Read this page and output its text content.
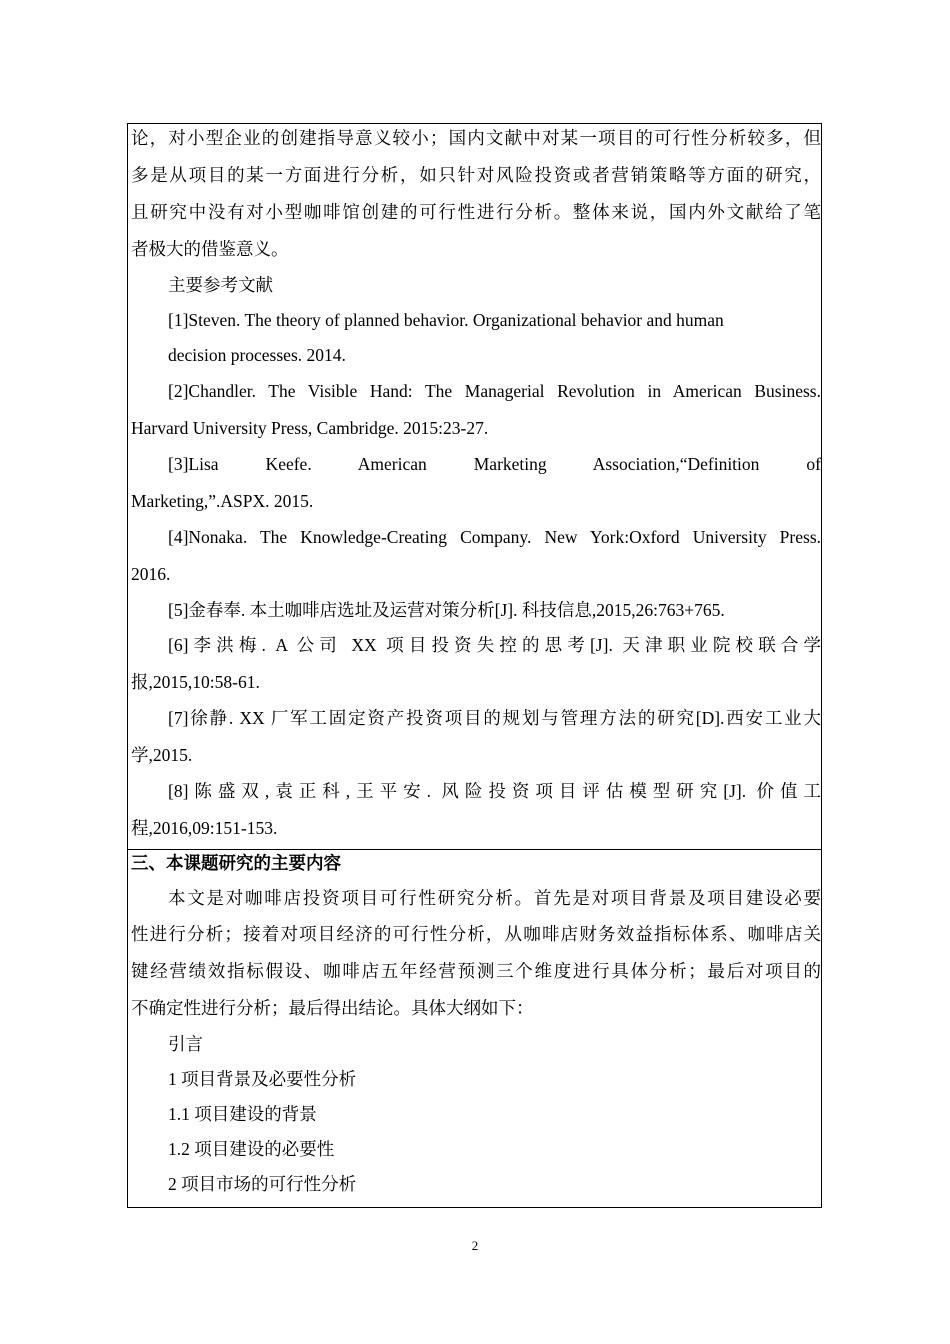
论，对小型企业的创建指导意义较小；国内文献中对某一项目的可行性分析较多，但
多是从项目的某一方面进行分析，如只针对风险投资或者营销策略等方面的研究，
且研究中没有对小型咖啡馆创建的可行性进行分析。整体来说，国内外文献给了笔
者极大的借鉴意义。
主要参考文献
[1]Steven. The theory of planned behavior. Organizational behavior and human
decision processes. 2014.
[2]Chandler. The Visible Hand: The Managerial Revolution in American Business.
Harvard University Press, Cambridge. 2015:23-27.
[3]Lisa Keefe. American Marketing Association,“Definition of
Marketing,”.ASPX. 2015.
[4]Nonaka. The Knowledge-Creating Company. New York:Oxford University Press.
2016.
[5]金春奉. 本土咖啡店选址及运营对策分析[J]. 科技信息,2015,26:763+765.
[6]李洪梅. A 公司 XX 项目投资失控的思考[J]. 天津职业院校联合学
报,2015,10:58-61.
[7]徐静. XX 厂军工固定资产投资项目的规划与管理方法的研究[D].西安工业大
学,2015.
[8]陈盛双,袁正科,王平安. 风险投资项目评估模型研究[J]. 价值工
程,2016,09:151-153.
三、本课题研究的主要内容
本文是对咖啡店投资项目可行性研究分析。首先是对项目背景及项目建设必要
性进行分析；接着对项目经济的可行性分析，从咖啡店财务效益指标体系、咖啡店关
键经营绩效指标假设、咖啡店五年经营预测三个维度进行具体分析；最后对项目的
不确定性进行分析；最后得出结论。具体大纲如下：
引言
1 项目背景及必要性分析
1.1 项目建设的背景
1.2 项目建设的必要性
2 项目市场的可行性分析
2
